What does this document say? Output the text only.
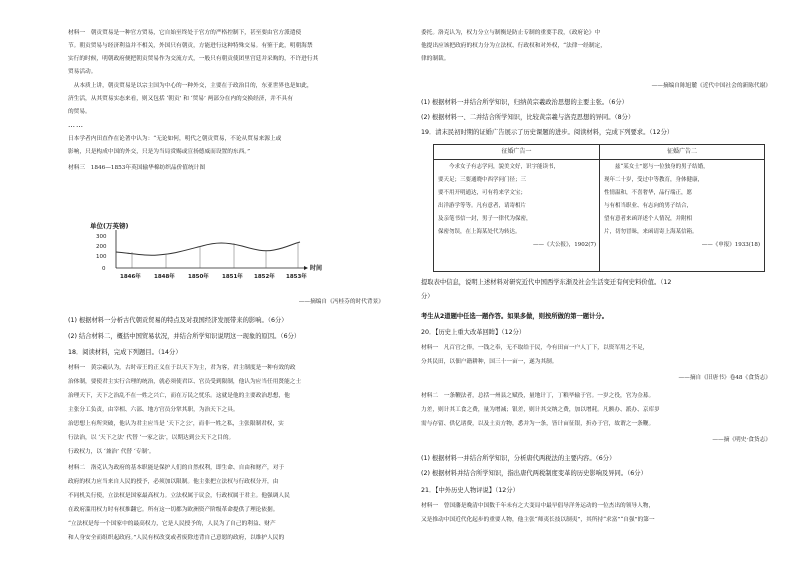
材料一　朝贡贸易是一种官方贸易，它自始至终处于官方的严格控制下，甚至要由官方派遣使
节。朝贡贸易与经济利益并不相关，外国只有朝贡，方能进行这种特殊交易。有鉴于此，明朝海禁
实行的时候，明朝政府便把朝贡贸易作为交流方式，一般只有朝贡使团里宫廷并采购的，不许进行其
贸易活动。
　从本质上讲，朝贡贸易是以宗主国为中心的一种外交，主要在于政治目的，东亚世界也是如此，
济生活，从其贸易实态来看，则又包括 ‘朝贡’ 和 ‘贸易’ 两部分在内的交换经济，并不具有
的贸易。
……
日本学者内田直作在论著中认为：“无论如何，明代之朝贡贸易，不论从贸易来源上或
影响，只是构成中国的外交，只是为当局赏赐或宣扬德威而设置的东西。”
材料三　1846—1853年英国输华棉纺织品价值统计图
单位(万英镑)
时间
300
200
100
0
1846年 1848年 1850年 1851年 1852年 1853年
——摘编自《冯桂芬的时代背景》
(1) 根据材料一分析古代朝贡贸易的特点及对我国经济发展带来的影响。（6分）
(2) 结合材料二，概括中国贸易状况，并结合所学知识说明这一现象的原因。（6分）
18．阅读材料，完成下列题目。（14分）
材料一　黄宗羲认为，古时帝王的正义在于以天下为主，君为客，君主制度是一种有效的政
治体制，要使君主实行合理的统治，就必须使君臣、官员受到限制，他认为应当任用贤能之士
治理天下，天下之治乱不在一姓之兴亡，而在万民之忧乐。这就是他的主要政治思想，他
主张分工负责，由宰相、六部、地方官员分掌其职，为治天下之具。
治思想上有所突破，他认为君主应当是 ‘天下之公’，而非一姓之私，主张限制君权，实
行法治，以 ‘天下之法’ 代替 ‘一家之法’，以期达到公天下之目的。
行政权力，以 ‘兼治’ 代替 ‘专制’。
材料二　洛克认为政府的基本职能是保护人们的自然权利，即生命、自由和财产，对于
政府的权力应当来自人民的授予，必须加以限制。他主张把立法权与行政权分开，由
不同机关行使，立法权是国家最高权力。立法权属于议会，行政权属于君主。他强调人民
在政府滥用权力时有权推翻它。所有这一切都为欧洲资产阶级革命提供了理论依据。
“立法权是每一个国家中的最高权力，它是人民授予的，人民为了自己的利益、财产
和人身安全而组织起政府。”人民有权改变或者废除违背自己意愿的政府，以维护人民的
委托。洛克认为，权力分立与制衡是防止专制的重要手段，《政府论》中
他提出应该把政府的权力分为立法权、行政权和对外权，“法律一经制定，
律的制裁。
——摘编自陈旭麓《近代中国社会的新陈代谢》
(1) 根据材料一并结合所学知识，归纳黄宗羲政治思想的主要主张。（6分）
(2) 根据材料一、二并结合所学知识，比较黄宗羲与洛克思想的异同。（8分）
19．清末民初时期的证婚广告展示了历史课题的进步。阅读材料，完成下列要求。（12分）
征婚广告一	征婚广告二
　　今求女子有志学问，貌美文好，识字能读书，
要天足；三要通晓中西学问门径；三
要不用开明通达，可有将来学文宝；
出洋游学等等。凡有意者，请寄相片
及亲笔书信一封，男子一律代为保密，
保密勿误，在上海某处代为转达。
——《大公报》，1902(7)
　　兹“某女士”愿与一位独身的男子结婚，
现年二十岁，受过中等教育，身体健康，
性情温和，不喜奢华，品行端正，愿
与有相当职业、有志向的男子结合，
望有意者来函详述个人情况，并附相
片，切勿冒昧，来函请寄上海某信箱。
——《申报》1933(18)
提取表中信息，说明上述材料对研究近代中国西学东渐及社会生活变迁有何史料价值。（12
分）
考生从2道题中任选一题作答。如果多做，则按所做的第一题计分。
20．【历史上重大改革回眸】（12分）
材料一　凡百官之俸，一钱之奉，无不取给于民，今有田亩一户人丁下，以资军用之不足，
分其民田，以佃户籍耕种，国三十一亩一，遂为其制。
——摘自《旧唐书》卷48《食货志》
材料二　一条鞭法者，总括一州县之赋役，量地计丁，丁粮毕输于官。一岁之役，官为佥募。
力差，则计其工食之费，量为增减；银差，则计其交纳之费，加以增耗。凡额办、派办、京库岁
需与存留、供亿诸费，以及土贡方物，悉并为一条，皆计亩征银，折办于官，故谓之一条鞭。
——摘《明史·食货志》
(1) 根据材料一并结合所学知识，分析唐代两税法的主要内容。（6分）
(2) 根据材料并结合所学知识，指出唐代两税制度变革的历史影响及异同。（6分）
21．【中外历史人物评说】（12分）
材料一　曾国藩是晚清中国数千年未有之大变局中最早倡导洋务运动的一位杰出的领导人物，
又是推动中国近代化起步的重要人物，他主张“师夷长技以制夷”，其所持“求富”“自强”的第一
